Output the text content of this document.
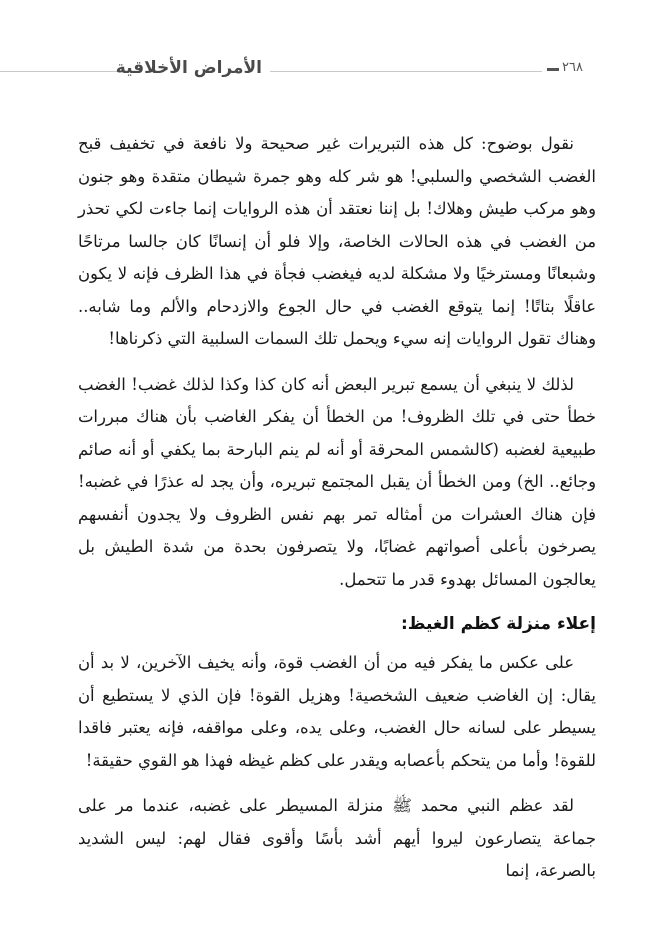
الأمراض الأخلاقية	٢٦٨

نقول بوضوح: كل هذه التبريرات غير صحيحة ولا نافعة في تخفيف قبح الغضب الشخصي والسلبي! هو شر كله وهو جمرة شيطان متقدة وهو جنون وهو مركب طيش وهلاك! بل إننا نعتقد أن هذه الروايات إنما جاءت لكي تحذر من الغضب في هذه الحالات الخاصة، وإلا فلو أن إنسانًا كان جالسا مرتاحًا وشبعانًا ومسترخيًا ولا مشكلة لديه فيغضب فجأة في هذا الظرف فإنه لا يكون عاقلًا بتاتًا! إنما يتوقع الغضب في حال الجوع والازدحام والألم وما شابه.. وهناك تقول الروايات إنه سيء ويحمل تلك السمات السلبية التي ذكرناها!

لذلك لا ينبغي أن يسمع تبرير البعض أنه كان كذا وكذا لذلك غضب! الغضب خطأ حتى في تلك الظروف! من الخطأ أن يفكر الغاضب بأن هناك مبررات طبيعية لغضبه (كالشمس المحرقة أو أنه لم ينم البارحة بما يكفي أو أنه صائم وجائع.. الخ) ومن الخطأ أن يقبل المجتمع تبريره، وأن يجد له عذرًا في غضبه! فإن هناك العشرات من أمثاله تمر بهم نفس الظروف ولا يجدون أنفسهم يصرخون بأعلى أصواتهم غضابًا، ولا يتصرفون بحدة من شدة الطيش بل يعالجون المسائل بهدوء قدر ما تتحمل.

إعلاء منزلة كظم الغيظ:

على عكس ما يفكر فيه من أن الغضب قوة، وأنه يخيف الآخرين، لا بد أن يقال: إن الغاضب ضعيف الشخصية! وهزيل القوة! فإن الذي لا يستطيع أن يسيطر على لسانه حال الغضب، وعلى يده، وعلى مواقفه، فإنه يعتبر فاقدا للقوة! وأما من يتحكم بأعصابه ويقدر على كظم غيظه فهذا هو القوي حقيقة!

لقد عظم النبي محمد ﷺ منزلة المسيطر على غضبه، عندما مر على جماعة يتصارعون ليروا أيهم أشد بأسًا وأقوى فقال لهم: ليس الشديد بالصرعة، إنما
